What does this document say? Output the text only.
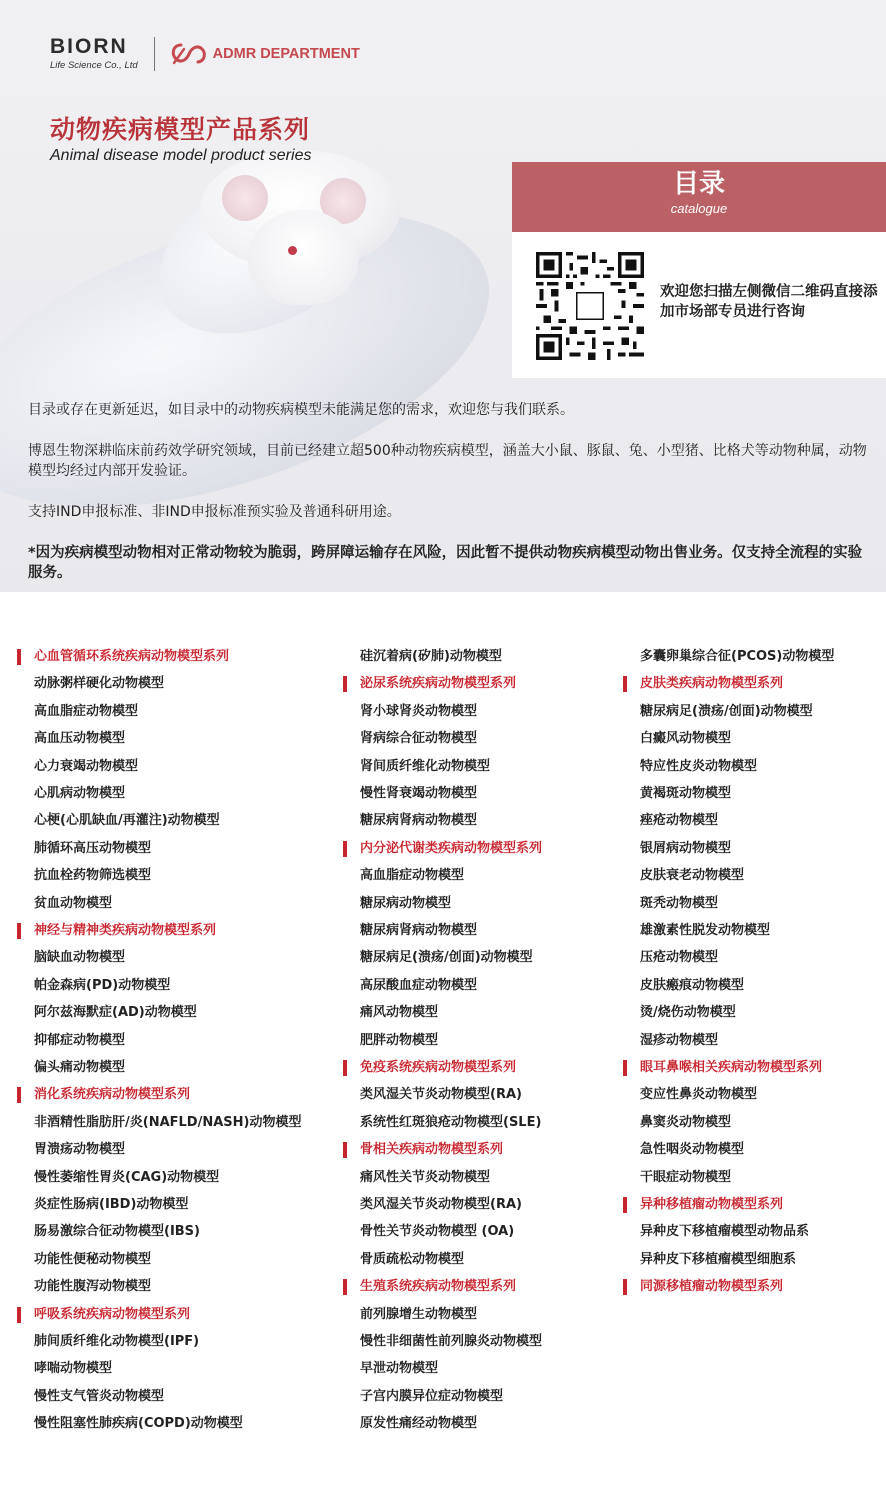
BIORN
Life Science Co., Ltd
ADMR DEPARTMENT
动物疾病模型产品系列
Animal disease model product series
目录
catalogue
欢迎您扫描左侧微信二维码直接添加市场部专员进行咨询

目录或存在更新延迟，如目录中的动物疾病模型未能满足您的需求，欢迎您与我们联系。

博恩生物深耕临床前药效学研究领域，目前已经建立超500种动物疾病模型，涵盖大小鼠、豚鼠、兔、小型猪、比格犬等动物种属，动物模型均经过内部开发验证。

支持IND申报标准、非IND申报标准预实验及普通科研用途。

*因为疾病模型动物相对正常动物较为脆弱，跨屏障运输存在风险，因此暂不提供动物疾病模型动物出售业务。仅支持全流程的实验服务。

心血管循环系统疾病动物模型系列
动脉粥样硬化动物模型
高血脂症动物模型
高血压动物模型
心力衰竭动物模型
心肌病动物模型
心梗(心肌缺血/再灌注)动物模型
肺循环高压动物模型
抗血栓药物筛选模型
贫血动物模型
神经与精神类疾病动物模型系列
脑缺血动物模型
帕金森病(PD)动物模型
阿尔兹海默症(AD)动物模型
抑郁症动物模型
偏头痛动物模型
消化系统疾病动物模型系列
非酒精性脂肪肝/炎(NAFLD/NASH)动物模型
胃溃疡动物模型
慢性萎缩性胃炎(CAG)动物模型
炎症性肠病(IBD)动物模型
肠易激综合征动物模型(IBS)
功能性便秘动物模型
功能性腹泻动物模型
呼吸系统疾病动物模型系列
肺间质纤维化动物模型(IPF)
哮喘动物模型
慢性支气管炎动物模型
慢性阻塞性肺疾病(COPD)动物模型
硅沉着病(矽肺)动物模型
泌尿系统疾病动物模型系列
肾小球肾炎动物模型
肾病综合征动物模型
肾间质纤维化动物模型
慢性肾衰竭动物模型
糖尿病肾病动物模型
内分泌代谢类疾病动物模型系列
高血脂症动物模型
糖尿病动物模型
糖尿病肾病动物模型
糖尿病足(溃疡/创面)动物模型
高尿酸血症动物模型
痛风动物模型
肥胖动物模型
免疫系统疾病动物模型系列
类风湿关节炎动物模型(RA)
系统性红斑狼疮动物模型(SLE)
骨相关疾病动物模型系列
痛风性关节炎动物模型
类风湿关节炎动物模型(RA)
骨性关节炎动物模型 (OA)
骨质疏松动物模型
生殖系统疾病动物模型系列
前列腺增生动物模型
慢性非细菌性前列腺炎动物模型
早泄动物模型
子宫内膜异位症动物模型
原发性痛经动物模型
多囊卵巢综合征(PCOS)动物模型
皮肤类疾病动物模型系列
糖尿病足(溃疡/创面)动物模型
白癜风动物模型
特应性皮炎动物模型
黄褐斑动物模型
痤疮动物模型
银屑病动物模型
皮肤衰老动物模型
斑秃动物模型
雄激素性脱发动物模型
压疮动物模型
皮肤瘢痕动物模型
烫/烧伤动物模型
湿疹动物模型
眼耳鼻喉相关疾病动物模型系列
变应性鼻炎动物模型
鼻窦炎动物模型
急性咽炎动物模型
干眼症动物模型
异种移植瘤动物模型系列
异种皮下移植瘤模型动物品系
异种皮下移植瘤模型细胞系
同源移植瘤动物模型系列
